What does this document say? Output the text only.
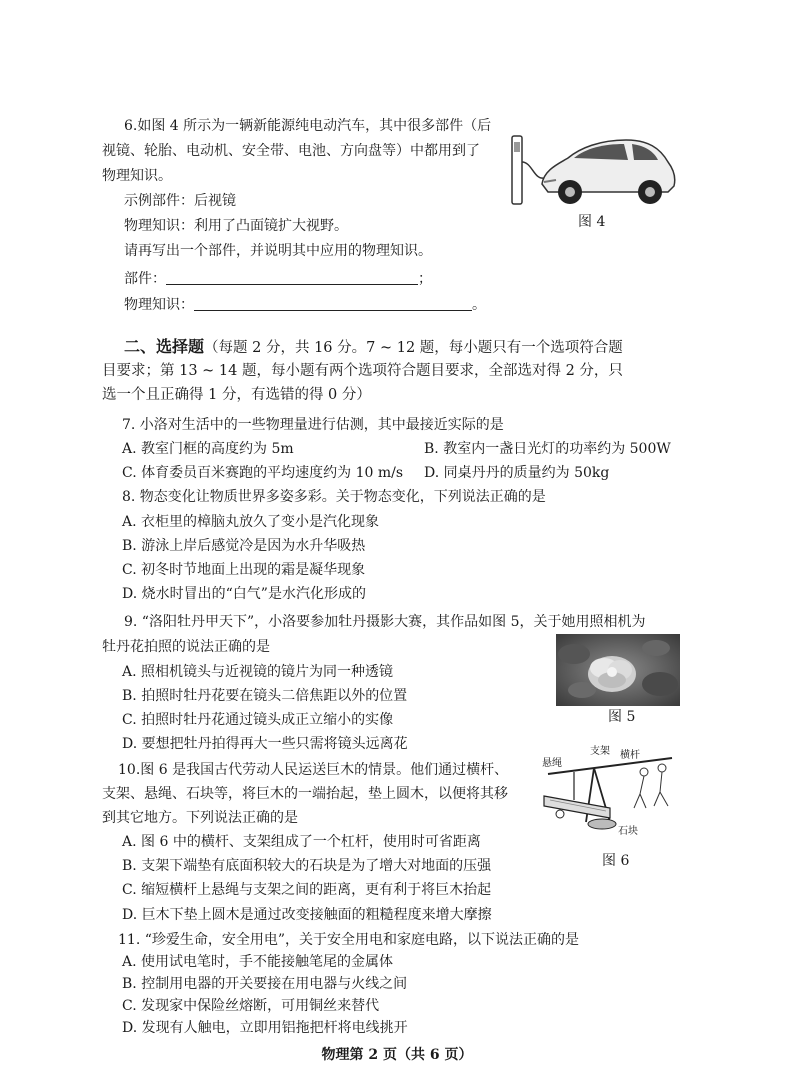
6.如图 4 所示为一辆新能源纯电动汽车，其中很多部件（后
视镜、轮胎、电动机、安全带、电池、方向盘等）中都用到了
物理知识。
示例部件：后视镜
物理知识：利用了凸面镜扩大视野。
请再写出一个部件，并说明其中应用的物理知识。
部件：	；
物理知识：	。
图 4
二、选择题（每题 2 分，共 16 分。7 ~ 12 题，每小题只有一个选项符合题
目要求；第 13 ~ 14 题，每小题有两个选项符合题目要求，全部选对得 2 分，只
选一个且正确得 1 分，有选错的得 0 分）
7. 小洛对生活中的一些物理量进行估测，其中最接近实际的是
A. 教室门框的高度约为 5m	B. 教室内一盏日光灯的功率约为 500W
C. 体育委员百米赛跑的平均速度约为 10 m/s D. 同桌丹丹的质量约为 50kg
8. 物态变化让物质世界多姿多彩。关于物态变化，下列说法正确的是
A. 衣柜里的樟脑丸放久了变小是汽化现象
B. 游泳上岸后感觉冷是因为水升华吸热
C. 初冬时节地面上出现的霜是凝华现象
D. 烧水时冒出的“白气”是水汽化形成的
9. “洛阳牡丹甲天下”，小洛要参加牡丹摄影大赛，其作品如图 5，关于她用照相机为
牡丹花拍照的说法正确的是
A. 照相机镜头与近视镜的镜片为同一种透镜
B. 拍照时牡丹花要在镜头二倍焦距以外的位置
C. 拍照时牡丹花通过镜头成正立缩小的实像
D. 要想把牡丹拍得再大一些只需将镜头远离花
图 5
10.图 6 是我国古代劳动人民运送巨木的情景。他们通过横杆、
支架、悬绳、石块等，将巨木的一端抬起，垫上圆木，以便将其移
到其它地方。下列说法正确的是
A. 图 6 中的横杆、支架组成了一个杠杆，使用时可省距离
B. 支架下端垫有底面积较大的石块是为了增大对地面的压强
C. 缩短横杆上悬绳与支架之间的距离，更有利于将巨木抬起
D. 巨木下垫上圆木是通过改变接触面的粗糙程度来增大摩擦
支架 横杆
悬绳
石块
图 6
11. “珍爱生命，安全用电”，关于安全用电和家庭电路，以下说法正确的是
A. 使用试电笔时，手不能接触笔尾的金属体
B. 控制用电器的开关要接在用电器与火线之间
物理第 2 页（共 6 页）
C. 发现家中保险丝熔断，可用铜丝来替代
D. 发现有人触电，立即用铝拖把杆将电线挑开
